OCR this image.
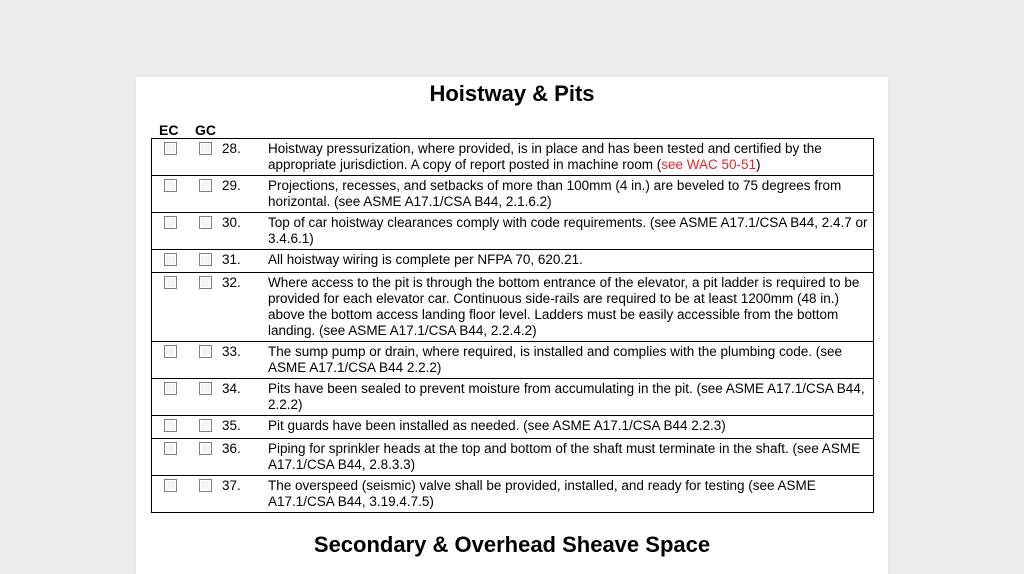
Hoistway & Pits
EC GC
		28.	Hoistway pressurization, where provided, is in place and has been tested and certified by the appropriate jurisdiction. A copy of report posted in machine room (see WAC 50-51)
		29.	Projections, recesses, and setbacks of more than 100mm (4 in.) are beveled to 75 degrees from horizontal. (see ASME A17.1/CSA B44, 2.1.6.2)
		30.	Top of car hoistway clearances comply with code requirements. (see ASME A17.1/CSA B44, 2.4.7 or 3.4.6.1)
		31.	All hoistway wiring is complete per NFPA 70, 620.21.
		32.	Where access to the pit is through the bottom entrance of the elevator, a pit ladder is required to be provided for each elevator car. Continuous side-rails are required to be at least 1200mm (48 in.) above the bottom access landing floor level. Ladders must be easily accessible from the bottom landing. (see ASME A17.1/CSA B44, 2.2.4.2)
		33.	The sump pump or drain, where required, is installed and complies with the plumbing code. (see ASME A17.1/CSA B44 2.2.2)
		34.	Pits have been sealed to prevent moisture from accumulating in the pit. (see ASME A17.1/CSA B44, 2.2.2)
		35.	Pit guards have been installed as needed. (see ASME A17.1/CSA B44 2.2.3)
		36.	Piping for sprinkler heads at the top and bottom of the shaft must terminate in the shaft. (see ASME A17.1/CSA B44, 2.8.3.3)
		37.	The overspeed (seismic) valve shall be provided, installed, and ready for testing (see ASME A17.1/CSA B44, 3.19.4.7.5)
Secondary & Overhead Sheave Space
